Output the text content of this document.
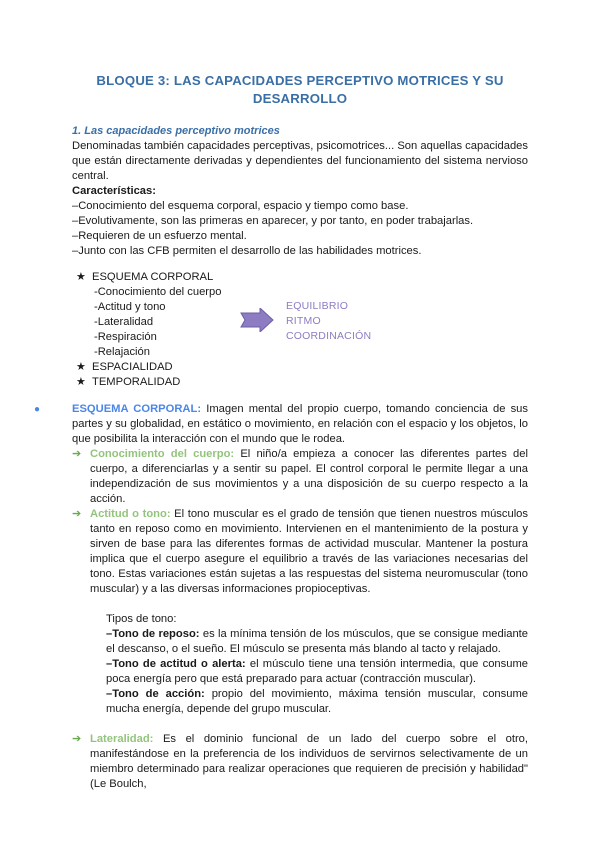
BLOQUE 3: LAS CAPACIDADES PERCEPTIVO MOTRICES Y SU
DESARROLLO
1. Las capacidades perceptivo motrices
Denominadas también capacidades perceptivas, psicomotrices... Son aquellas capacidades que están directamente derivadas y dependientes del funcionamiento del sistema nervioso central.
Características:
–Conocimiento del esquema corporal, espacio y tiempo como base.
–Evolutivamente, son las primeras en aparecer, y por tanto, en poder trabajarlas.
–Requieren de un esfuerzo mental.
–Junto con las CFB permiten el desarrollo de las habilidades motrices.
★ ESQUEMA CORPORAL
-Conocimiento del cuerpo
-Actitud y tono
-Lateralidad
-Respiración
-Relajación
★ ESPACIALIDAD
★ TEMPORALIDAD
EQUILIBRIO
RITMO
COORDINACIÓN
●	ESQUEMA CORPORAL: Imagen mental del propio cuerpo, tomando conciencia de sus partes y su globalidad, en estático o movimiento, en relación con el espacio y los objetos, lo que posibilita la interacción con el mundo que le rodea.
➔ Conocimiento del cuerpo: El niño/a empieza a conocer las diferentes partes del cuerpo, a diferenciarlas y a sentir su papel. El control corporal le permite llegar a una independización de sus movimientos y a una disposición de su cuerpo respecto a la acción.
➔ Actitud o tono: El tono muscular es el grado de tensión que tienen nuestros músculos tanto en reposo como en movimiento. Intervienen en el mantenimiento de la postura y sirven de base para las diferentes formas de actividad muscular. Mantener la postura implica que el cuerpo asegure el equilibrio a través de las variaciones necesarias del tono. Estas variaciones están sujetas a las respuestas del sistema neuromuscular (tono muscular) y a las diversas informaciones propioceptivas.
Tipos de tono:
–Tono de reposo: es la mínima tensión de los músculos, que se consigue mediante el descanso, o el sueño. El músculo se presenta más blando al tacto y relajado.
–Tono de actitud o alerta: el músculo tiene una tensión intermedia, que consume poca energía pero que está preparado para actuar (contracción muscular).
–Tono de acción: propio del movimiento, máxima tensión muscular, consume mucha energía, depende del grupo muscular.
➔ Lateralidad: Es el dominio funcional de un lado del cuerpo sobre el otro, manifestándose en la preferencia de los individuos de servirnos selectivamente de un miembro determinado para realizar operaciones que requieren de precisión y habilidad" (Le Boulch,
